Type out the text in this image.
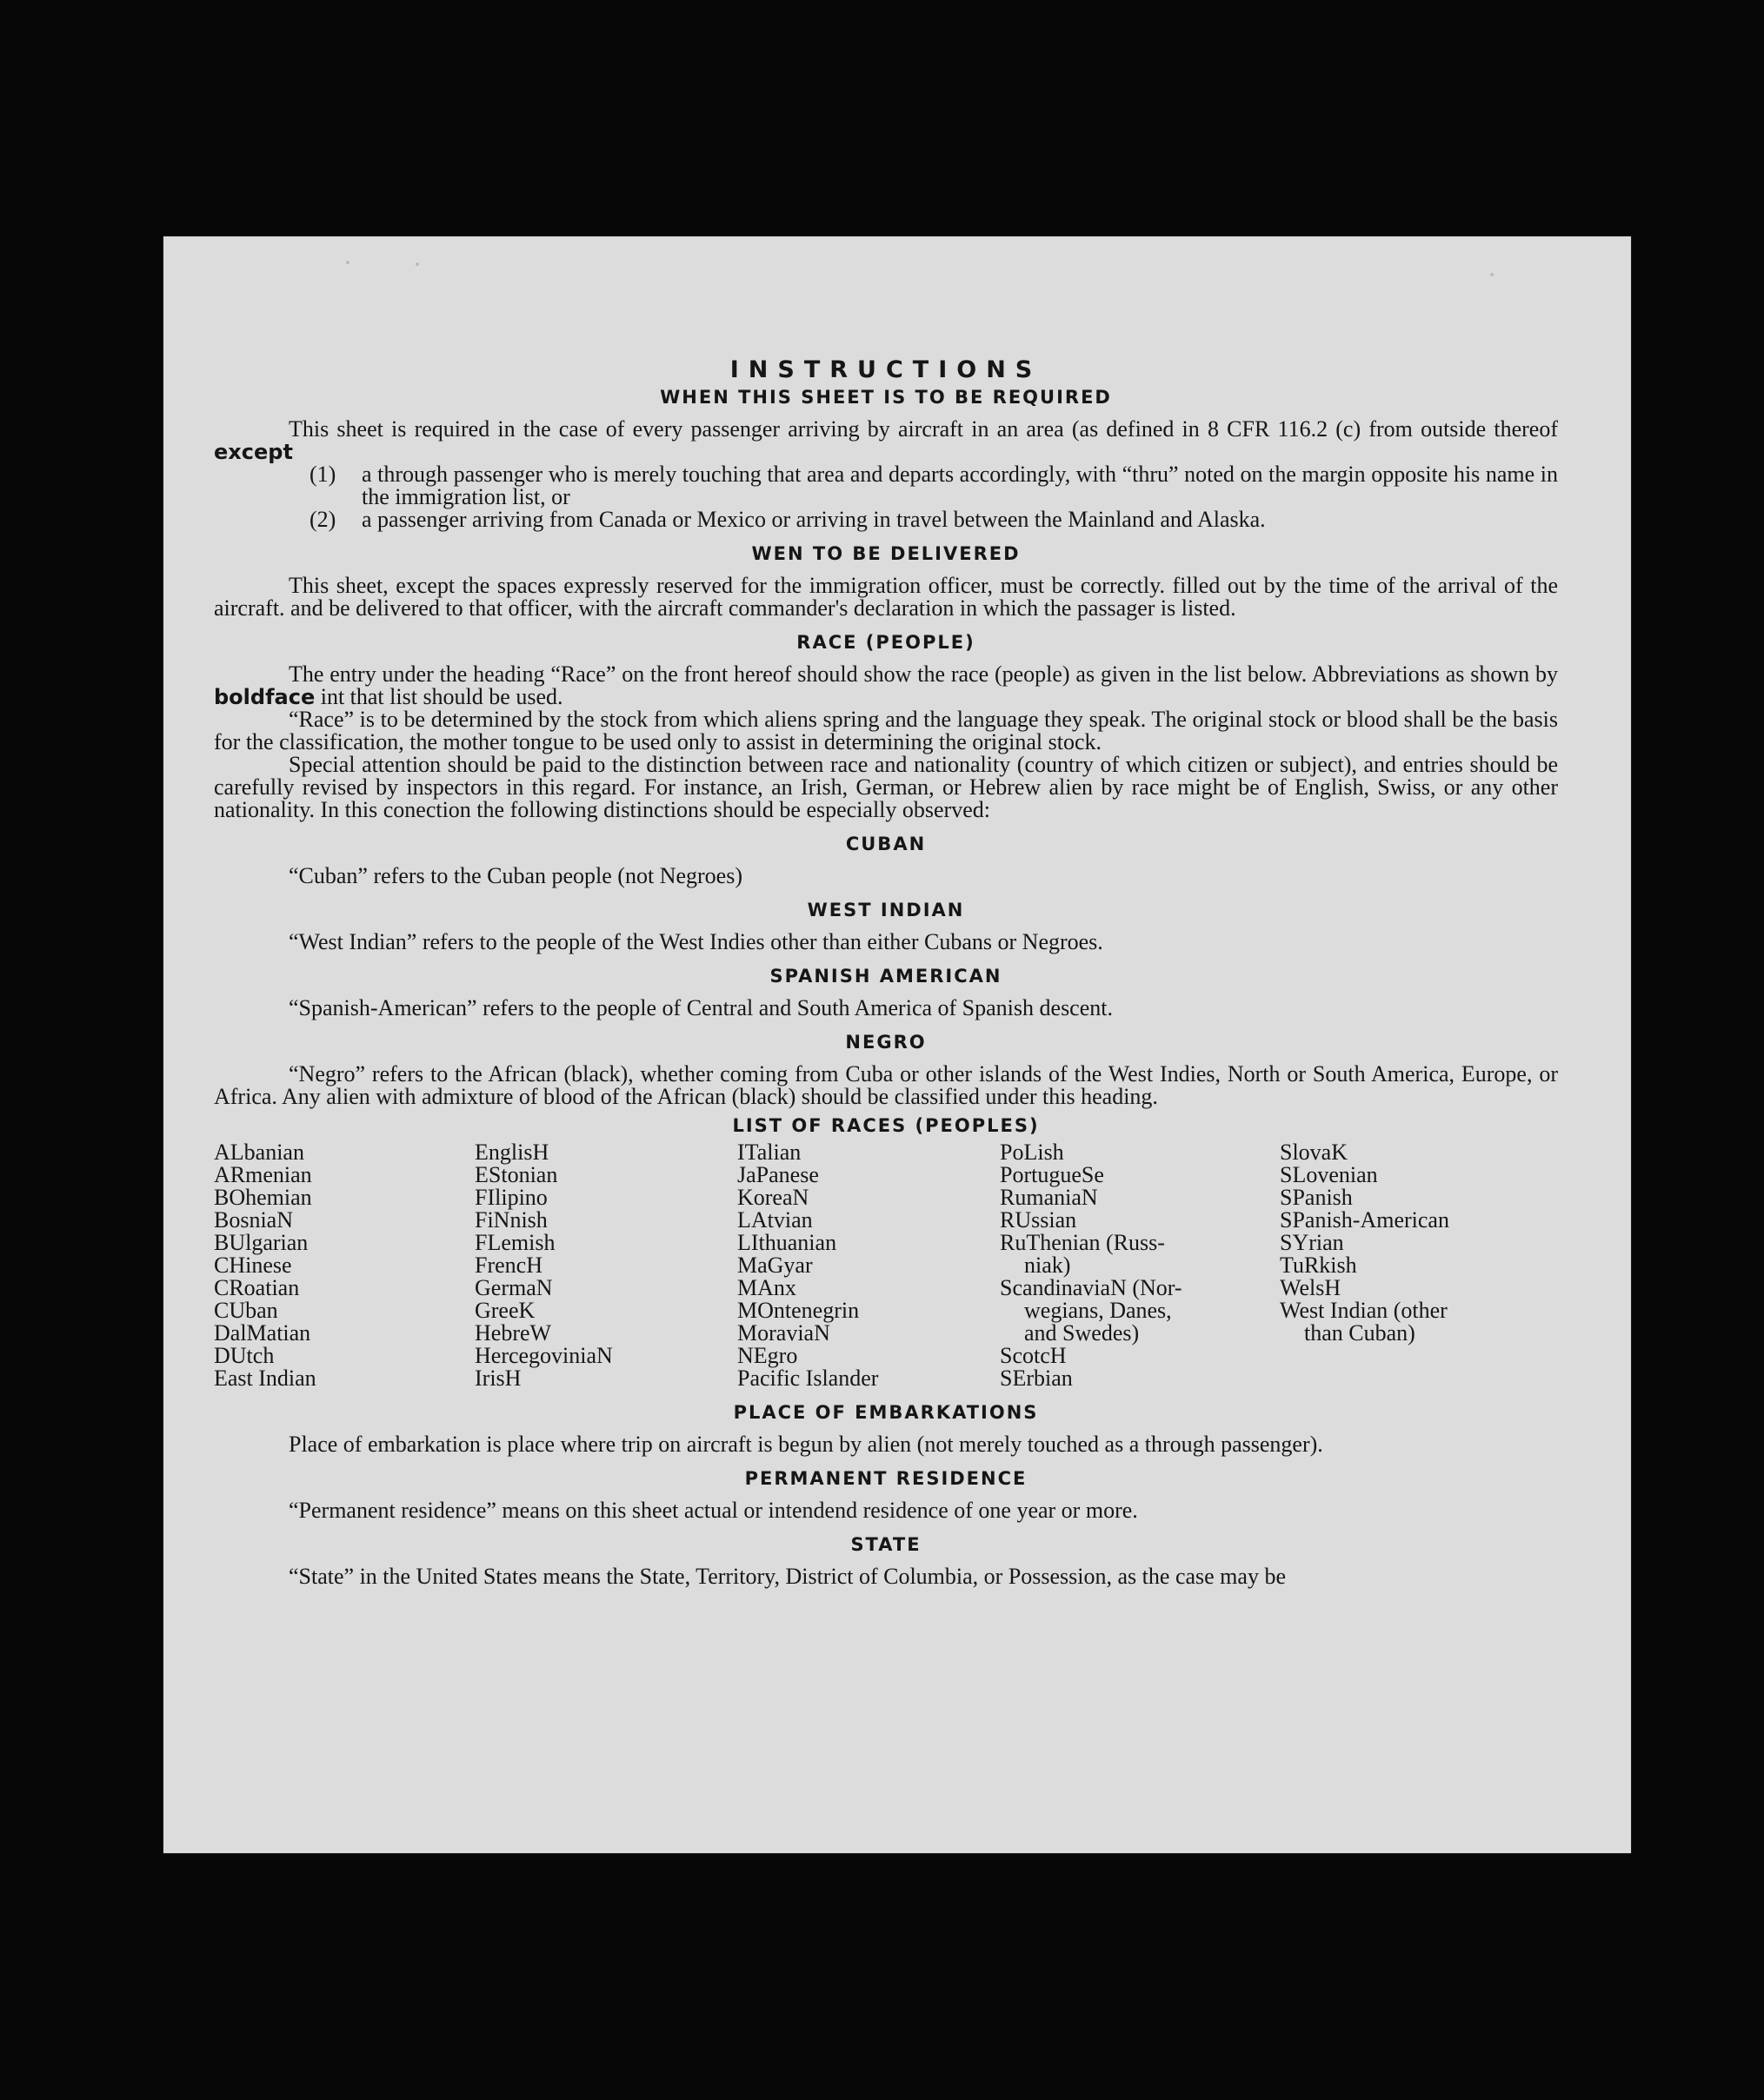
INSTRUCTIONS
WHEN THIS SHEET IS TO BE REQUIRED

This sheet is required in the case of every passenger arriving by aircraft in an area (as defined in 8 CFR 116.2 (c) from outside thereof except

(1)	a through passenger who is merely touching that area and departs accordingly, with “thru” noted on the margin opposite his name in the immigration list, or
(2)	a passenger arriving from Canada or Mexico or arriving in travel between the Mainland and Alaska.
WEN TO BE DELIVERED

This sheet, except the spaces expressly reserved for the immigration officer, must be correctly. filled out by the time of the arrival of the aircraft. and be delivered to that officer, with the aircraft commander's declaration in which the passager is listed.

RACE (PEOPLE)

The entry under the heading “Race” on the front hereof should show the race (people) as given in the list below. Abbreviations as shown by boldface int that list should be used.

“Race” is to be determined by the stock from which aliens spring and the language they speak. The original stock or blood shall be the basis for the classification, the mother tongue to be used only to assist in determining the original stock.

Special attention should be paid to the distinction between race and nationality (country of which citizen or subject), and entries should be carefully revised by inspectors in this regard. For instance, an Irish, German, or Hebrew alien by race might be of English, Swiss, or any other nationality. In this conection the following distinctions should be especially observed:

CUBAN

“Cuban” refers to the Cuban people (not Negroes)

WEST INDIAN

“West Indian” refers to the people of the West Indies other than either Cubans or Negroes.

SPANISH AMERICAN

“Spanish-American” refers to the people of Central and South America of Spanish descent.

NEGRO

“Negro” refers to the African (black), whether coming from Cuba or other islands of the West Indies, North or South America, Europe, or Africa. Any alien with admixture of blood of the African (black) should be classified under this heading.

LIST OF RACES (PEOPLES)
ALbanian
ARmenian
BOhemian
BosniaN
BUlgarian
CHinese
CRoatian
CUban
DalMatian
DUtch
East Indian
EnglisH
EStonian
FIlipino
FiNnish
FLemish
FrencH
GermaN
GreeK
HebreW
HercegoviniaN
IrisH
ITalian
JaPanese
KoreaN
LAtvian
LIthuanian
MaGyar
MAnx
MOntenegrin
MoraviaN
NEgro
Pacific Islander
PoLish
PortugueSe
RumaniaN
RUssian
RuThenian (Russ-
niak)
ScandinaviaN (Nor-
wegians, Danes,
and Swedes)
ScotcH
SErbian
SlovaK
SLovenian
SPanish
SPanish-American
SYrian
TuRkish
WelsH
West Indian (other
than Cuban)
PLACE OF EMBARKATIONS

Place of embarkation is place where trip on aircraft is begun by alien (not merely touched as a through passenger).

PERMANENT RESIDENCE

“Permanent residence” means on this sheet actual or intendend residence of one year or more.

STATE

“State” in the United States means the State, Territory, District of Columbia, or Possession, as the case may be
